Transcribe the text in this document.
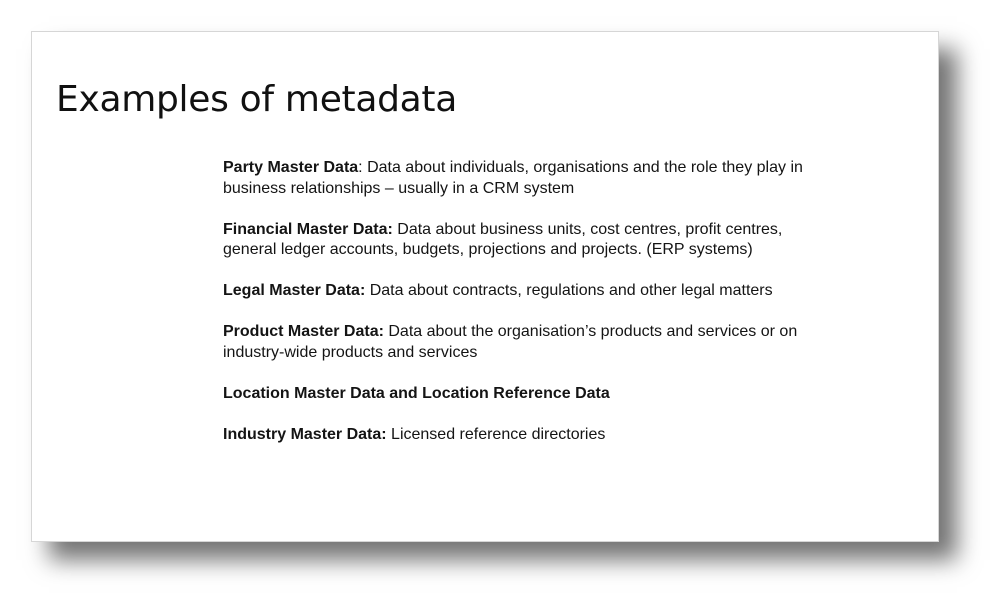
Examples of metadata

Party Master Data: Data about individuals, organisations and the role they play in business relationships – usually in a CRM system

Financial Master Data: Data about business units, cost centres, profit centres, general ledger accounts, budgets, projections and projects. (ERP systems)

Legal Master Data: Data about contracts, regulations and other legal matters

Product Master Data: Data about the organisation’s products and services or on industry-wide products and services

Location Master Data and Location Reference Data

Industry Master Data: Licensed reference directories
